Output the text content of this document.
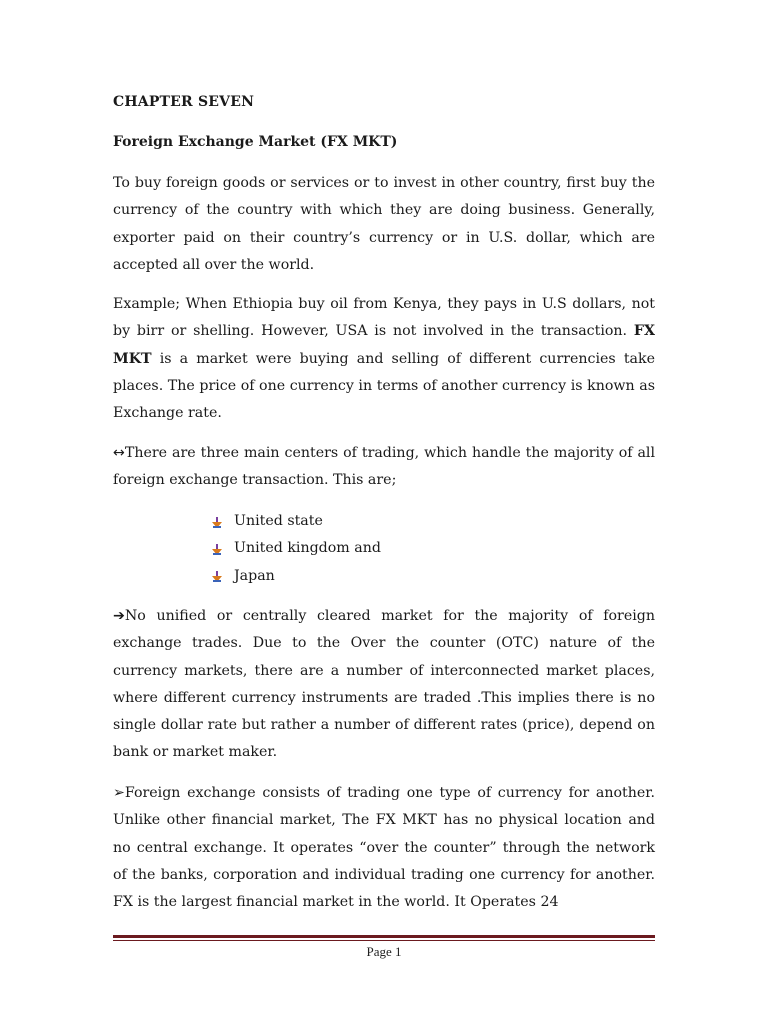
CHAPTER SEVEN
Foreign Exchange Market (FX MKT)

To buy foreign goods or services or to invest in other country, first buy the currency of the country with which they are doing business. Generally, exporter paid on their country’s currency or in U.S. dollar, which are accepted all over the world.

Example; When Ethiopia buy oil from Kenya, they pays in U.S dollars, not by birr or shelling. However, USA is not involved in the transaction. FX MKT is a market were buying and selling of different currencies take places. The price of one currency in terms of another currency is known as Exchange rate.

↔There are three main centers of trading, which handle the majority of all foreign exchange transaction. This are;

United state
United kingdom and
Japan

➔No unified or centrally cleared market for the majority of foreign exchange trades. Due to the Over the counter (OTC) nature of the currency markets, there are a number of interconnected market places, where different currency instruments are traded .This implies there is no single dollar rate but rather a number of different rates (price), depend on bank or market maker.

➢Foreign exchange consists of trading one type of currency for another. Unlike other financial market, The FX MKT has no physical location and no central exchange. It operates “over the counter” through the network of the banks, corporation and individual trading one currency for another. FX is the largest financial market in the world. It Operates 24

Page 1
